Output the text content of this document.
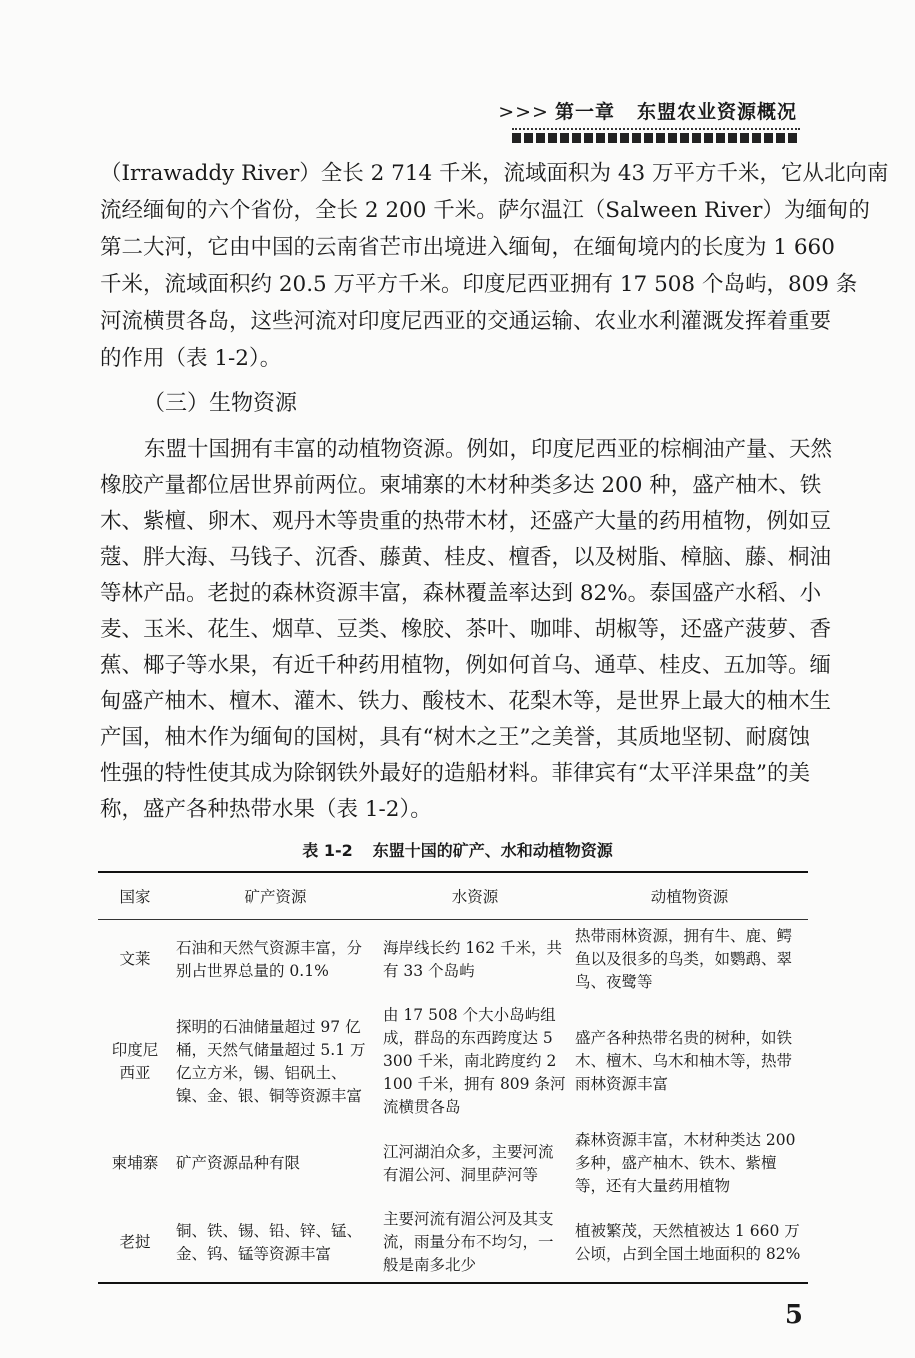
>>> 第一章 东盟农业资源概况
（Irrawaddy River）全长 2 714 千米，流域面积为 43 万平方千米，它从北向南
流经缅甸的六个省份，全长 2 200 千米。萨尔温江（Salween River）为缅甸的
第二大河，它由中国的云南省芒市出境进入缅甸，在缅甸境内的长度为 1 660
千米，流域面积约 20.5 万平方千米。印度尼西亚拥有 17 508 个岛屿，809 条
河流横贯各岛，这些河流对印度尼西亚的交通运输、农业水利灌溉发挥着重要
的作用（表 1-2）。
（三）生物资源
东盟十国拥有丰富的动植物资源。例如，印度尼西亚的棕榈油产量、天然
橡胶产量都位居世界前两位。柬埔寨的木材种类多达 200 种，盛产柚木、铁
木、紫檀、卵木、观丹木等贵重的热带木材，还盛产大量的药用植物，例如豆
蔻、胖大海、马钱子、沉香、藤黄、桂皮、檀香，以及树脂、樟脑、藤、桐油
等林产品。老挝的森林资源丰富，森林覆盖率达到 82%。泰国盛产水稻、小
麦、玉米、花生、烟草、豆类、橡胶、茶叶、咖啡、胡椒等，还盛产菠萝、香
蕉、椰子等水果，有近千种药用植物，例如何首乌、通草、桂皮、五加等。缅
甸盛产柚木、檀木、灌木、铁力、酸枝木、花梨木等，是世界上最大的柚木生
产国，柚木作为缅甸的国树，具有“树木之王”之美誉，其质地坚韧、耐腐蚀
性强的特性使其成为除钢铁外最好的造船材料。菲律宾有“太平洋果盘”的美
称，盛产各种热带水果（表 1-2）。
表 1-2 东盟十国的矿产、水和动植物资源
国家	矿产资源	水资源	动植物资源
文莱	石油和天然气资源丰富，分别占世界总量的 0.1%	海岸线长约 162 千米，共有 33 个岛屿	热带雨林资源，拥有牛、鹿、鳄鱼以及很多的鸟类，如鹦鹉、翠鸟、夜鹭等
印度尼西亚	探明的石油储量超过 97 亿桶，天然气储量超过 5.1 万亿立方米，锡、铝矾土、镍、金、银、铜等资源丰富	由 17 508 个大小岛屿组成，群岛的东西跨度达 5 300 千米，南北跨度约 2 100 千米，拥有 809 条河流横贯各岛	盛产各种热带名贵的树种，如铁木、檀木、乌木和柚木等，热带雨林资源丰富
柬埔寨	矿产资源品种有限	江河湖泊众多，主要河流有湄公河、洞里萨河等	森林资源丰富，木材种类达 200 多种，盛产柚木、铁木、紫檀等，还有大量药用植物
老挝	铜、铁、锡、铅、锌、锰、金、钨、锰等资源丰富	主要河流有湄公河及其支流，雨量分布不均匀，一般是南多北少	植被繁茂，天然植被达 1 660 万公顷，占到全国土地面积的 82%
5
